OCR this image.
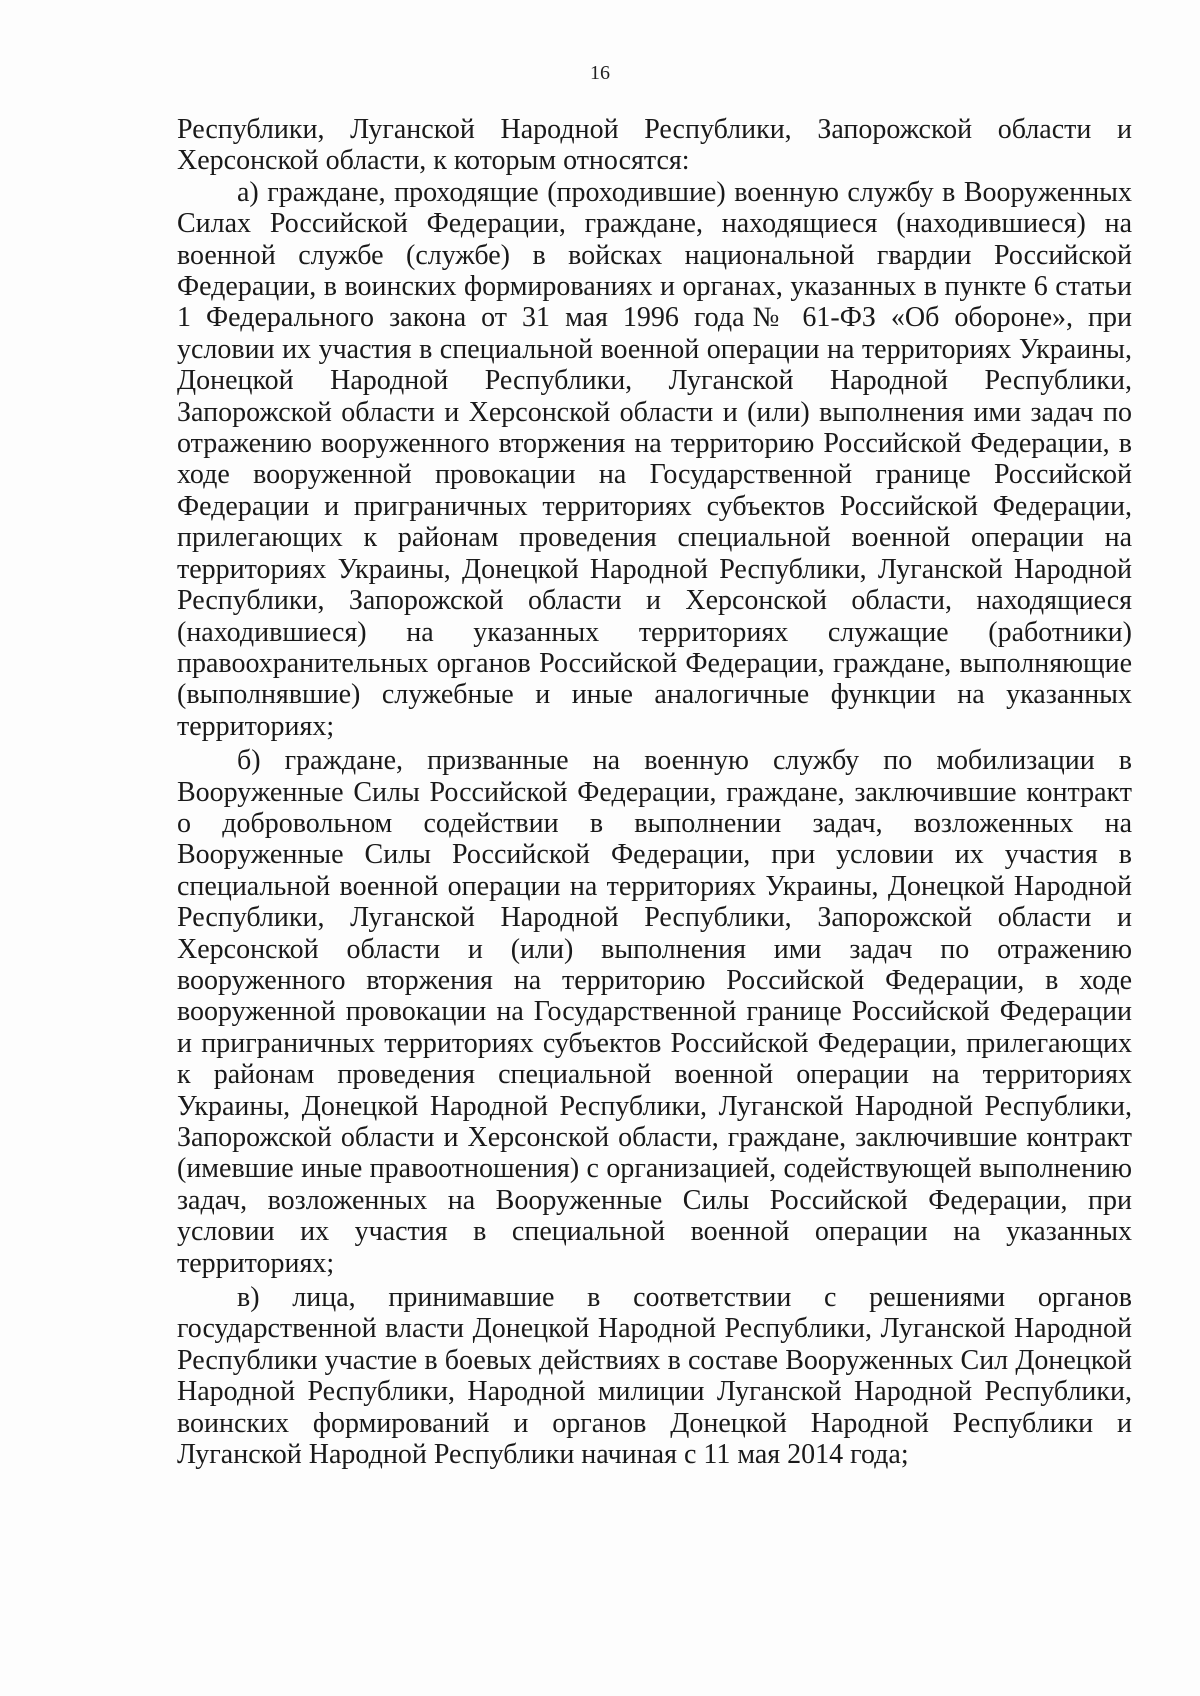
16

Республики, Луганской Народной Республики, Запорожской области и Херсонской области, к которым относятся:

а) граждане, проходящие (проходившие) военную службу в Вооруженных Силах Российской Федерации, граждане, находящиеся (находившиеся) на военной службе (службе) в войсках национальной гвардии Российской Федерации, в воинских формированиях и органах, указанных в пункте 6 статьи 1 Федерального закона от 31 мая 1996 года№ 61-ФЗ «Об обороне», при условии их участия в специальной военной операции на территориях Украины, Донецкой Народной Республики, Луганской Народной Республики, Запорожской области и Херсонской области и (или) выполнения ими задач по отражению вооруженного вторжения на территорию Российской Федерации, в ходе вооруженной провокации на Государственной границе Российской Федерации и приграничных территориях субъектов Российской Федерации, прилегающих к районам проведения специальной военной операции на территориях Украины, Донецкой Народной Республики, Луганской Народной Республики, Запорожской области и Херсонской области, находящиеся (находившиеся) на указанных территориях служащие (работники) правоохранительных органов Российской Федерации, граждане, выполняющие (выполнявшие) служебные и иные аналогичные функции на указанных территориях;

б) граждане, призванные на военную службу по мобилизации в Вооруженные Силы Российской Федерации, граждане, заключившие контракт о добровольном содействии в выполнении задач, возложенных на Вооруженные Силы Российской Федерации, при условии их участия в специальной военной операции на территориях Украины, Донецкой Народной Республики, Луганской Народной Республики, Запорожской области и Херсонской области и (или) выполнения ими задач по отражению вооруженного вторжения на территорию Российской Федерации, в ходе вооруженной провокации на Государственной границе Российской Федерации и приграничных территориях субъектов Российской Федерации, прилегающих к районам проведения специальной военной операции на территориях Украины, Донецкой Народной Республики, Луганской Народной Республики, Запорожской области и Херсонской области, граждане, заключившие контракт (имевшие иные правоотношения) с организацией, содействующей выполнению задач, возложенных на Вооруженные Силы Российской Федерации, при условии их участия в специальной военной операции на указанных территориях;

в) лица, принимавшие в соответствии с решениями органов государственной власти Донецкой Народной Республики, Луганской Народной Республики участие в боевых действиях в составе Вооруженных Сил Донецкой Народной Республики, Народной милиции Луганской Народной Республики, воинских формирований и органов Донецкой Народной Республики и Луганской Народной Республики начиная с 11 мая 2014 года;
